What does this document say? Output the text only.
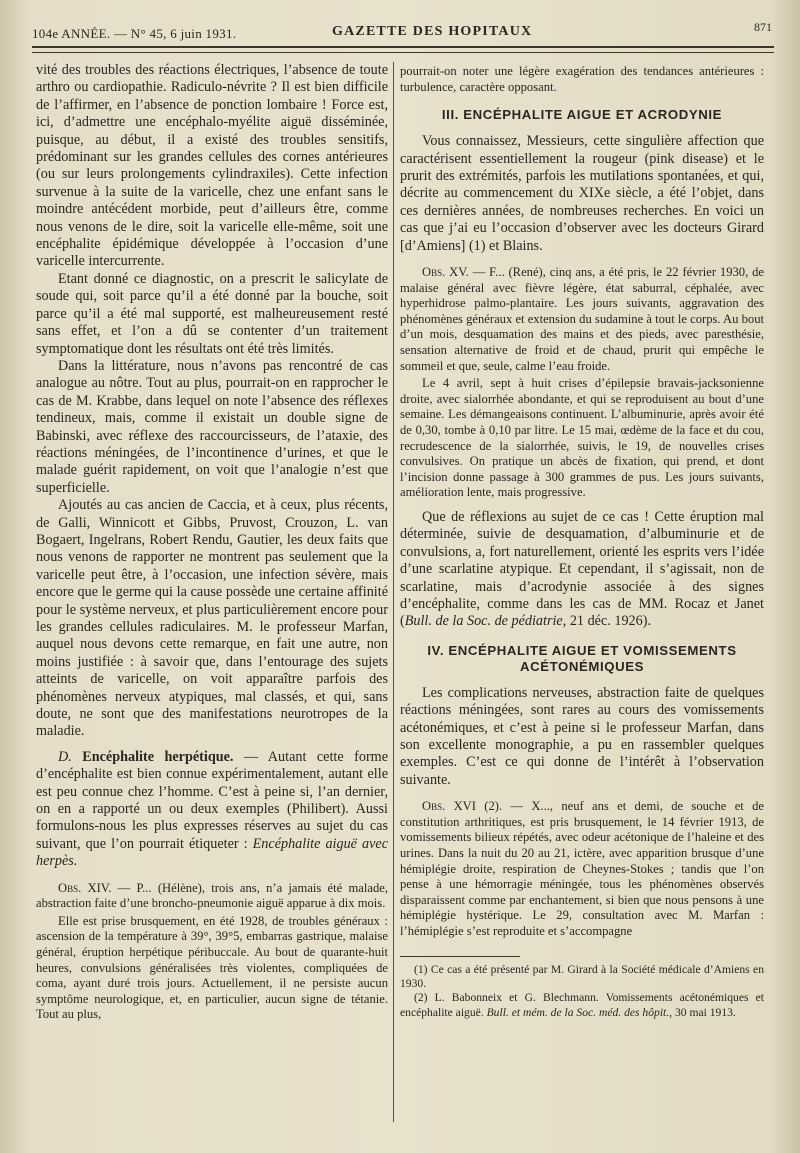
104e ANNÉE. — N° 45, 6 juin 1931.	GAZETTE DES HOPITAUX	871

vité des troubles des réactions électriques, l’absence de toute arthro ou cardiopathie. Radiculo-névrite ? Il est bien difficile de l’affirmer, en l’absence de ponction lombaire ! Force est, ici, d’admettre une encéphalo-myélite aiguë disséminée, puisque, au début, il a existé des troubles sensitifs, prédominant sur les grandes cellules des cornes antérieures (ou sur leurs prolongements cylindraxiles). Cette infection survenue à la suite de la varicelle, chez une enfant sans le moindre antécédent morbide, peut d’ailleurs être, comme nous venons de le dire, soit la varicelle elle-même, soit une encéphalite épidémique développée à l’occasion d’une varicelle intercurrente.

Etant donné ce diagnostic, on a prescrit le salicylate de soude qui, soit parce qu’il a été donné par la bouche, soit parce qu’il a été mal supporté, est malheureusement resté sans effet, et l’on a dû se contenter d’un traitement symptomatique dont les résultats ont été très limités.

Dans la littérature, nous n’avons pas rencontré de cas analogue au nôtre. Tout au plus, pourrait-on en rapprocher le cas de M. Krabbe, dans lequel on note l’absence des réflexes tendineux, mais, comme il existait un double signe de Babinski, avec réflexe des raccourcisseurs, de l’ataxie, des réactions méningées, de l’incontinence d’urines, et que le malade guérit rapidement, on voit que l’analogie n’est que superficielle.

Ajoutés au cas ancien de Caccia, et à ceux, plus récents, de Galli, Winnicott et Gibbs, Pruvost, Crouzon, L. van Bogaert, Ingelrans, Robert Rendu, Gautier, les deux faits que nous venons de rapporter ne montrent pas seulement que la varicelle peut être, à l’occasion, une infection sévère, mais encore que le germe qui la cause possède une certaine affinité pour le système nerveux, et plus particulièrement encore pour les grandes cellules radiculaires. M. le professeur Marfan, auquel nous devons cette remarque, en fait une autre, non moins justifiée : à savoir que, dans l’entourage des sujets atteints de varicelle, on voit apparaître parfois des phénomènes nerveux atypiques, mal classés, et qui, sans doute, ne sont que des manifestations neurotropes de la maladie.

D. Encéphalite herpétique. — Autant cette forme d’encéphalite est bien connue expérimentalement, autant elle est peu connue chez l’homme. C’est à peine si, l’an dernier, on en a rapporté un ou deux exemples (Philibert). Aussi formulons-nous les plus expresses réserves au sujet du cas suivant, que l’on pourrait étiqueter : Encéphalite aiguë avec herpès.

Obs. XIV. — P... (Hélène), trois ans, n’a jamais été malade, abstraction faite d’une broncho-pneumonie aiguë apparue à dix mois.

Elle est prise brusquement, en été 1928, de troubles généraux : ascension de la température à 39°, 39°5, embarras gastrique, malaise général, éruption herpétique péribuccale. Au bout de quarante-huit heures, convulsions généralisées très violentes, compliquées de coma, ayant duré trois jours. Actuellement, il ne persiste aucun symptôme neurologique, et, en particulier, aucun signe de tétanie. Tout au plus,

pourrait-on noter une légère exagération des tendances antérieures : turbulence, caractère opposant.

III. ENCÉPHALITE AIGUE ET ACRODYNIE

Vous connaissez, Messieurs, cette singulière affection que caractérisent essentiellement la rougeur (pink disease) et le prurit des extrémités, parfois les mutilations spontanées, et qui, décrite au commencement du XIXe siècle, a été l’objet, dans ces dernières années, de nombreuses recherches. En voici un cas que j’ai eu l’occasion d’observer avec les docteurs Girard [d’Amiens] (1) et Blains.

Obs. XV. — F... (René), cinq ans, a été pris, le 22 février 1930, de malaise général avec fièvre légère, état saburral, céphalée, avec hyperhidrose palmo-plantaire. Les jours suivants, aggravation des phénomènes généraux et extension du sudamine à tout le corps. Au bout d’un mois, desquamation des mains et des pieds, avec paresthésie, sensation alternative de froid et de chaud, prurit qui empêche le sommeil et que, seule, calme l’eau froide.

Le 4 avril, sept à huit crises d’épilepsie bravais-jacksonienne droite, avec sialorrhée abondante, et qui se reproduisent au bout d’une semaine. Les démangeaisons continuent. L’albuminurie, après avoir été de 0,30, tombe à 0,10 par litre. Le 15 mai, œdème de la face et du cou, recrudescence de la sialorrhée, suivis, le 19, de nouvelles crises convulsives. On pratique un abcès de fixation, qui prend, et dont l’incision donne passage à 300 grammes de pus. Les jours suivants, amélioration lente, mais progressive.

Que de réflexions au sujet de ce cas ! Cette éruption mal déterminée, suivie de desquamation, d’albuminurie et de convulsions, a, fort naturellement, orienté les esprits vers l’idée d’une scarlatine atypique. Et cependant, il s’agissait, non de scarlatine, mais d’acrodynie associée à des signes d’encéphalite, comme dans les cas de MM. Rocaz et Janet (Bull. de la Soc. de pédiatrie, 21 déc. 1926).

IV. ENCÉPHALITE AIGUE ET VOMISSEMENTS ACÉTONÉMIQUES

Les complications nerveuses, abstraction faite de quelques réactions méningées, sont rares au cours des vomissements acétonémiques, et c’est à peine si le professeur Marfan, dans son excellente monographie, a pu en rassembler quelques exemples. C’est ce qui donne de l’intérêt à l’observation suivante.

Obs. XVI (2). — X..., neuf ans et demi, de souche et de constitution arthritiques, est pris brusquement, le 14 février 1913, de vomissements bilieux répétés, avec odeur acétonique de l’haleine et des urines. Dans la nuit du 20 au 21, ictère, avec apparition brusque d’une hémiplégie droite, respiration de Cheynes-Stokes ; tandis que l’on pense à une hémorragie méningée, tous les phénomènes observés disparaissent comme par enchantement, si bien que nous pensons à une hémiplégie hystérique. Le 29, consultation avec M. Marfan : l’hémiplégie s’est reproduite et s’accompagne

(1) Ce cas a été présenté par M. Girard à la Société médicale d’Amiens en 1930.

(2) L. Babonneix et G. Blechmann. Vomissements acétonémiques et encéphalite aiguë. Bull. et mém. de la Soc. méd. des hôpit., 30 mai 1913.
